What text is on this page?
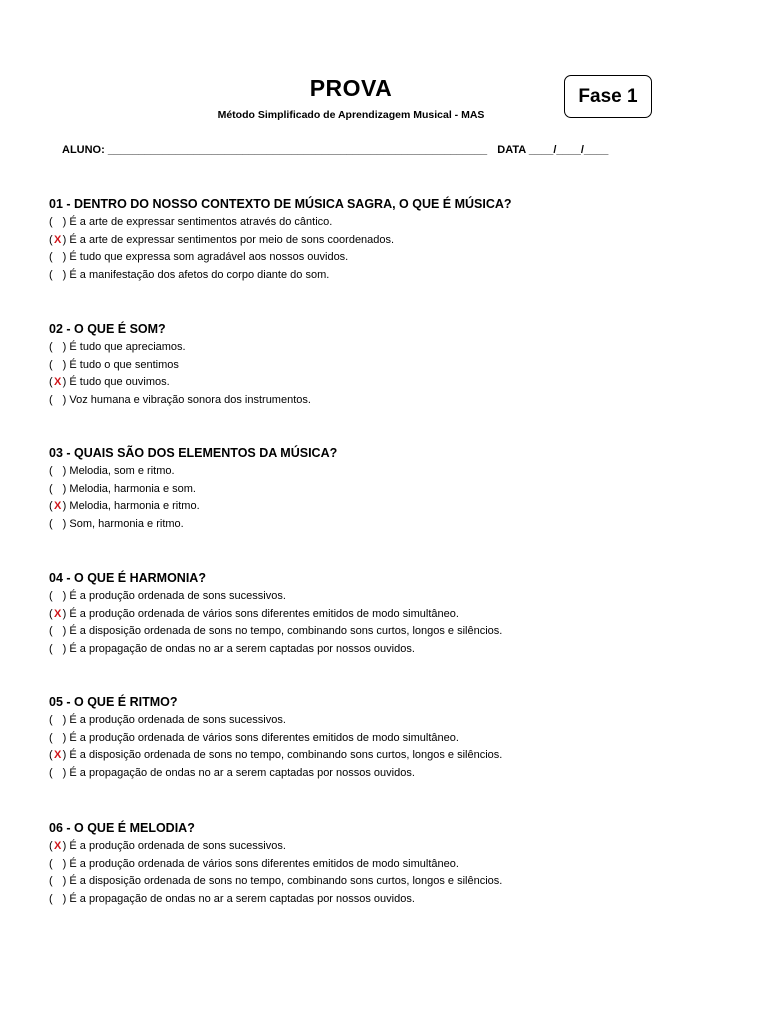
PROVA
Método Simplificado de Aprendizagem Musical - MAS
Fase 1
ALUNO: ______________________________________________________________ DATA ____/____/____
01 - DENTRO DO NOSSO CONTEXTO DE MÚSICA SAGRA, O QUE É MÚSICA?
( ) É a arte de expressar sentimentos através do cântico.
(X) É a arte de expressar sentimentos por meio de sons coordenados.
( ) É tudo que expressa som agradável aos nossos ouvidos.
( ) É a manifestação dos afetos do corpo diante do som.
02 - O QUE É SOM?
( ) É tudo que apreciamos.
( ) É tudo o que sentimos
(X) É tudo que ouvimos.
( ) Voz humana e vibração sonora dos instrumentos.
03 - QUAIS SÃO DOS ELEMENTOS DA MÚSICA?
( ) Melodia, som e ritmo.
( ) Melodia, harmonia e som.
(X) Melodia, harmonia e ritmo.
( ) Som, harmonia e ritmo.
04 - O QUE É HARMONIA?
( ) É a produção ordenada de sons sucessivos.
(X) É a produção ordenada de vários sons diferentes emitidos de modo simultâneo.
( ) É a disposição ordenada de sons no tempo, combinando sons curtos, longos e silêncios.
( ) É a propagação de ondas no ar a serem captadas por nossos ouvidos.
05 - O QUE É RITMO?
( ) É a produção ordenada de sons sucessivos.
( ) É a produção ordenada de vários sons diferentes emitidos de modo simultâneo.
(X) É a disposição ordenada de sons no tempo, combinando sons curtos, longos e silêncios.
( ) É a propagação de ondas no ar a serem captadas por nossos ouvidos.
06 - O QUE É MELODIA?
(X) É a produção ordenada de sons sucessivos.
( ) É a produção ordenada de vários sons diferentes emitidos de modo simultâneo.
( ) É a disposição ordenada de sons no tempo, combinando sons curtos, longos e silêncios.
( ) É a propagação de ondas no ar a serem captadas por nossos ouvidos.
